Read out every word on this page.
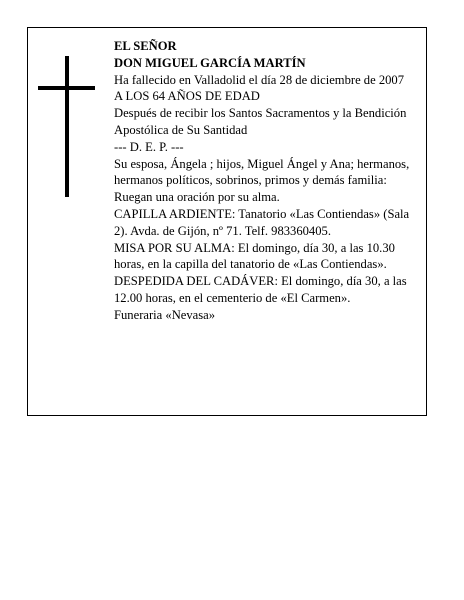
EL SEÑOR
DON MIGUEL GARCÍA MARTÍN
Ha fallecido en Valladolid el día 28 de diciembre de 2007
A LOS 64 AÑOS DE EDAD
Después de recibir los Santos Sacramentos y la Bendición Apostólica de Su Santidad
--- D. E. P. ---
Su esposa, Ángela ; hijos, Miguel Ángel y Ana; hermanos, hermanos políticos, sobrinos, primos y demás familia:
Ruegan una oración por su alma.
CAPILLA ARDIENTE: Tanatorio «Las Contiendas» (Sala 2). Avda. de Gijón, nº 71. Telf. 983360405.
MISA POR SU ALMA: El domingo, día 30, a las 10.30 horas, en la capilla del tanatorio de «Las Contiendas».
DESPEDIDA DEL CADÁVER: El domingo, día 30, a las 12.00 horas, en el cementerio de «El Carmen».
Funeraria «Nevasa»
